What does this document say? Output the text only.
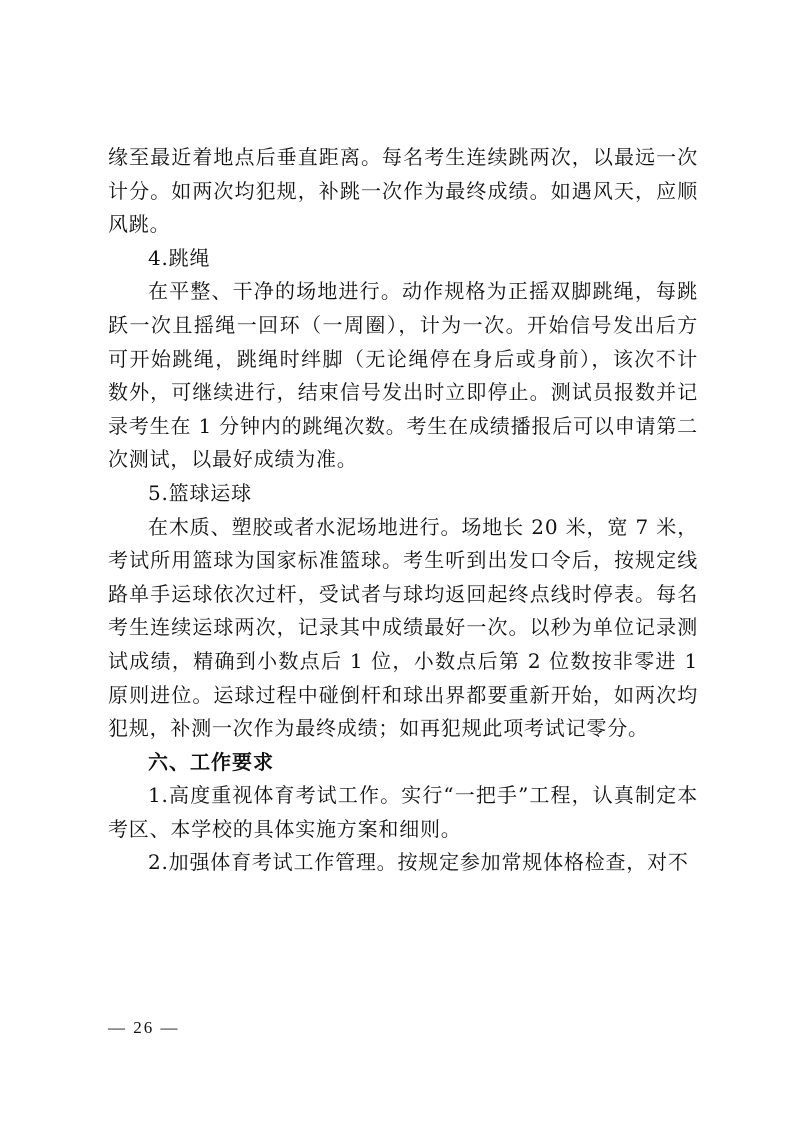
缘至最近着地点后垂直距离。每名考生连续跳两次，以最远一次计分。如两次均犯规，补跳一次作为最终成绩。如遇风天，应顺风跳。

4.跳绳

在平整、干净的场地进行。动作规格为正摇双脚跳绳，每跳跃一次且摇绳一回环（一周圈），计为一次。开始信号发出后方可开始跳绳，跳绳时绊脚（无论绳停在身后或身前），该次不计数外，可继续进行，结束信号发出时立即停止。测试员报数并记录考生在 1 分钟内的跳绳次数。考生在成绩播报后可以申请第二次测试，以最好成绩为准。

5.篮球运球

在木质、塑胶或者水泥场地进行。场地长 20 米，宽 7 米，考试所用篮球为国家标准篮球。考生听到出发口令后，按规定线路单手运球依次过杆，受试者与球均返回起终点线时停表。每名考生连续运球两次，记录其中成绩最好一次。以秒为单位记录测试成绩，精确到小数点后 1 位，小数点后第 2 位数按非零进 1 原则进位。运球过程中碰倒杆和球出界都要重新开始，如两次均犯规，补测一次作为最终成绩；如再犯规此项考试记零分。

六、工作要求

1.高度重视体育考试工作。实行“一把手”工程，认真制定本考区、本学校的具体实施方案和细则。

2.加强体育考试工作管理。按规定参加常规体格检查，对不

— 26 —
